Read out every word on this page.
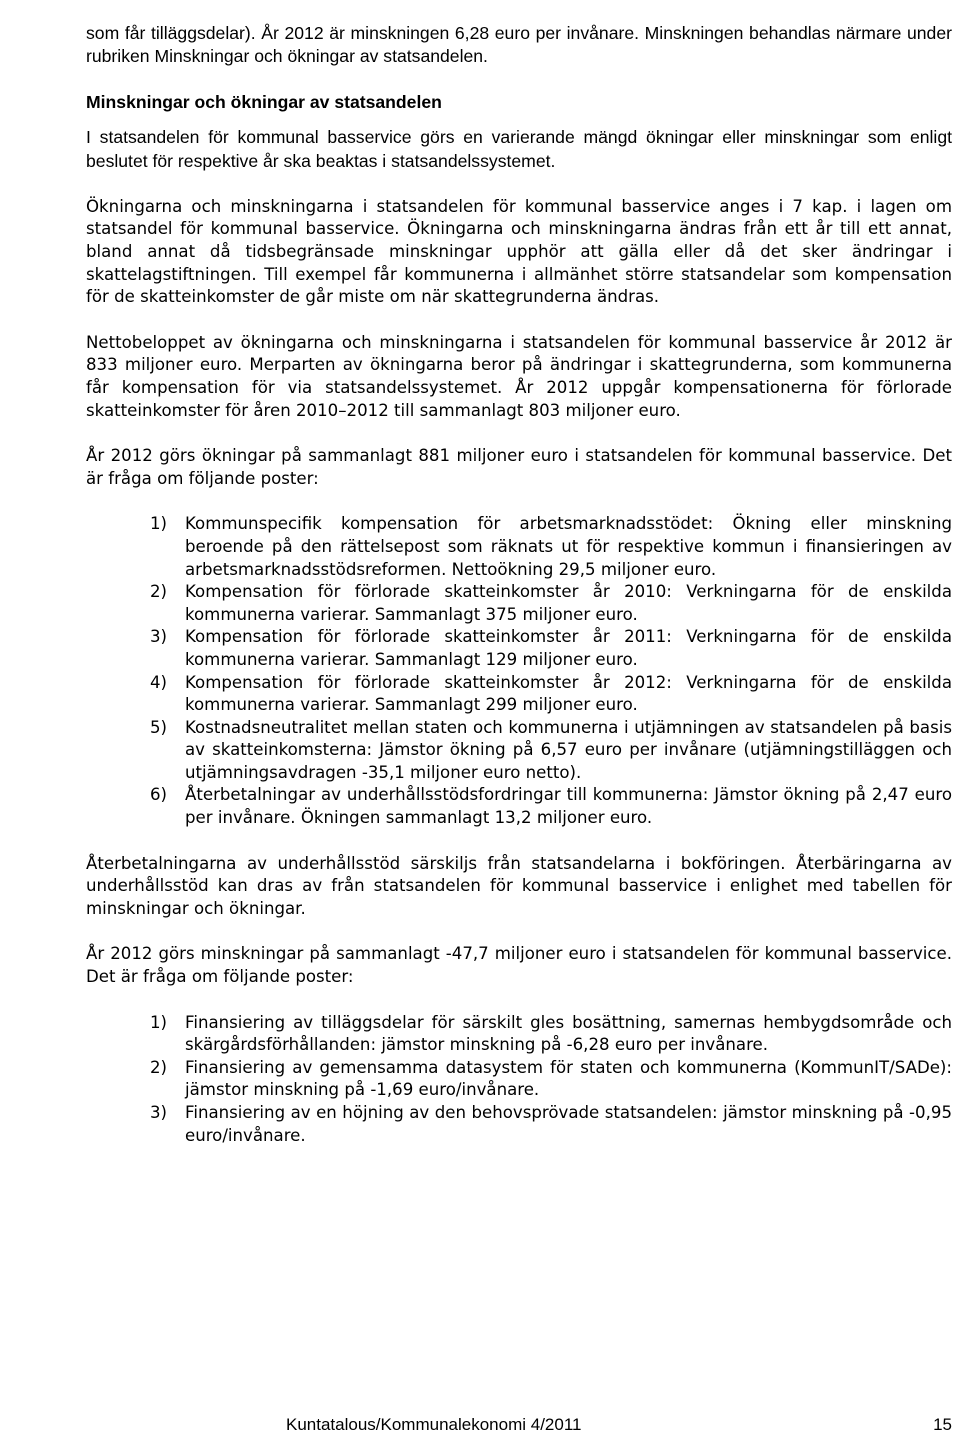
som får tilläggsdelar). År 2012 är minskningen 6,28 euro per invånare. Minskningen behandlas närmare under rubriken Minskningar och ökningar av statsandelen.

Minskningar och ökningar av statsandelen

I statsandelen för kommunal basservice görs en varierande mängd ökningar eller minskningar som enligt beslutet för respektive år ska beaktas i statsandelssystemet.

Ökningarna och minskningarna i statsandelen för kommunal basservice anges i 7 kap. i lagen om statsandel för kommunal basservice. Ökningarna och minskningarna ändras från ett år till ett annat, bland annat då tidsbegränsade minskningar upphör att gälla eller då det sker ändringar i skattelagstiftningen. Till exempel får kommunerna i allmänhet större statsandelar som kompensation för de skatteinkomster de går miste om när skattegrunderna ändras.

Nettobeloppet av ökningarna och minskningarna i statsandelen för kommunal basservice år 2012 är 833 miljoner euro. Merparten av ökningarna beror på ändringar i skattegrunderna, som kommunerna får kompensation för via statsandelssystemet. År 2012 uppgår kompensationerna för förlorade skatteinkomster för åren 2010–2012 till sammanlagt 803 miljoner euro.

År 2012 görs ökningar på sammanlagt 881 miljoner euro i statsandelen för kommunal basservice. Det är fråga om följande poster:

1) Kommunspecifik kompensation för arbetsmarknadsstödet: Ökning eller minskning beroende på den rättelsepost som räknats ut för respektive kommun i finansieringen av arbetsmarknadsstödsreformen. Nettoökning 29,5 miljoner euro.
2) Kompensation för förlorade skatteinkomster år 2010: Verkningarna för de enskilda kommunerna varierar. Sammanlagt 375 miljoner euro.
3) Kompensation för förlorade skatteinkomster år 2011: Verkningarna för de enskilda kommunerna varierar. Sammanlagt 129 miljoner euro.
4) Kompensation för förlorade skatteinkomster år 2012: Verkningarna för de enskilda kommunerna varierar. Sammanlagt 299 miljoner euro.
5) Kostnadsneutralitet mellan staten och kommunerna i utjämningen av statsandelen på basis av skatteinkomsterna: Jämstor ökning på 6,57 euro per invånare (utjämningstilläggen och utjämningsavdragen -35,1 miljoner euro netto).
6) Återbetalningar av underhållsstödsfordringar till kommunerna: Jämstor ökning på 2,47 euro per invånare. Ökningen sammanlagt 13,2 miljoner euro.

Återbetalningarna av underhållsstöd särskiljs från statsandelarna i bokföringen. Återbäringarna av underhållsstöd kan dras av från statsandelen för kommunal basservice i enlighet med tabellen för minskningar och ökningar.

År 2012 görs minskningar på sammanlagt -47,7 miljoner euro i statsandelen för kommunal basservice. Det är fråga om följande poster:

1) Finansiering av tilläggsdelar för särskilt gles bosättning, samernas hembygdsområde och skärgårdsförhållanden: jämstor minskning på -6,28 euro per invånare.
2) Finansiering av gemensamma datasystem för staten och kommunerna (KommunIT/SADe): jämstor minskning på -1,69 euro/invånare.
3) Finansiering av en höjning av den behovsprövade statsandelen: jämstor minskning på -0,95 euro/invånare.
Kuntatalous/Kommunalekonomi 4/2011	15
